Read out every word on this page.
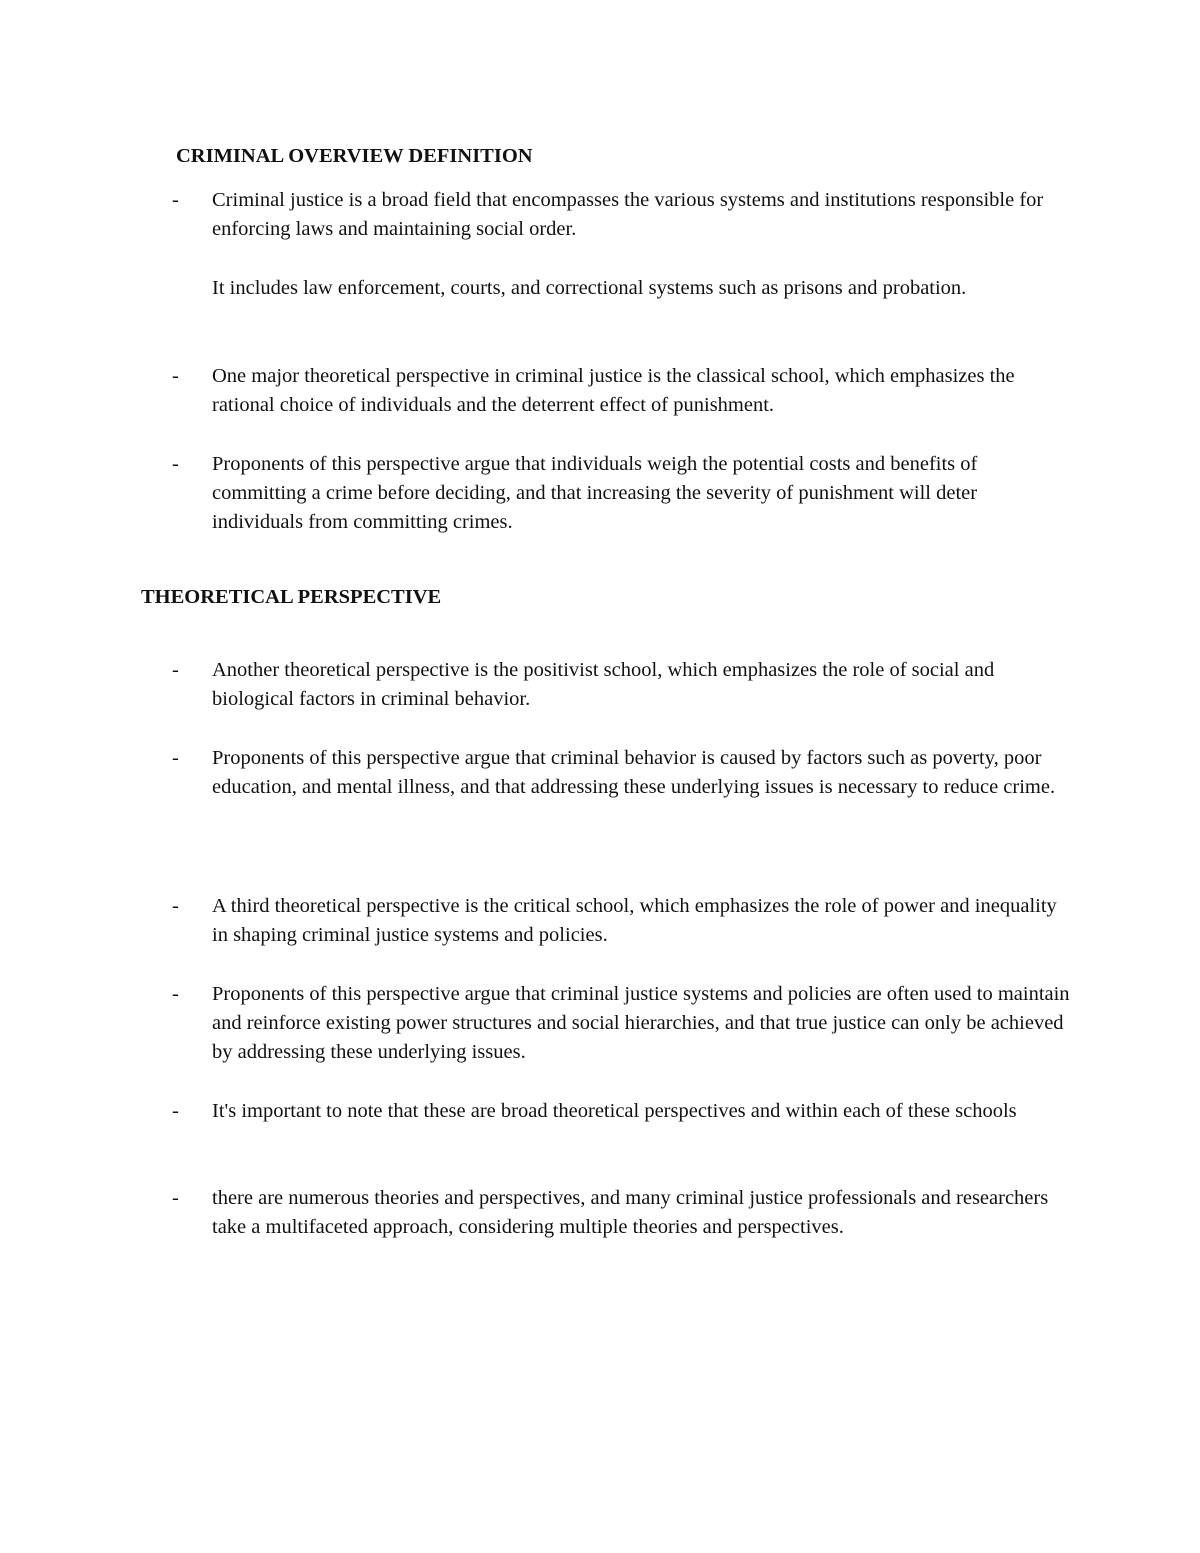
CRIMINAL OVERVIEW DEFINITION
-	Criminal justice is a broad field that encompasses the various systems and institutions responsible for enforcing laws and maintaining social order.

It includes law enforcement, courts, and correctional systems such as prisons and probation.

-	One major theoretical perspective in criminal justice is the classical school, which emphasizes the rational choice of individuals and the deterrent effect of punishment.

-	Proponents of this perspective argue that individuals weigh the potential costs and benefits of committing a crime before deciding, and that increasing the severity of punishment will deter individuals from committing crimes.

THEORETICAL PERSPECTIVE
-	Another theoretical perspective is the positivist school, which emphasizes the role of social and biological factors in criminal behavior.

-	Proponents of this perspective argue that criminal behavior is caused by factors such as poverty, poor education, and mental illness, and that addressing these underlying issues is necessary to reduce crime.

-	A third theoretical perspective is the critical school, which emphasizes the role of power and inequality in shaping criminal justice systems and policies.

-	Proponents of this perspective argue that criminal justice systems and policies are often used to maintain and reinforce existing power structures and social hierarchies, and that true justice can only be achieved by addressing these underlying issues.

-	It's important to note that these are broad theoretical perspectives and within each of these schools

-	there are numerous theories and perspectives, and many criminal justice professionals and researchers take a multifaceted approach, considering multiple theories and perspectives.
